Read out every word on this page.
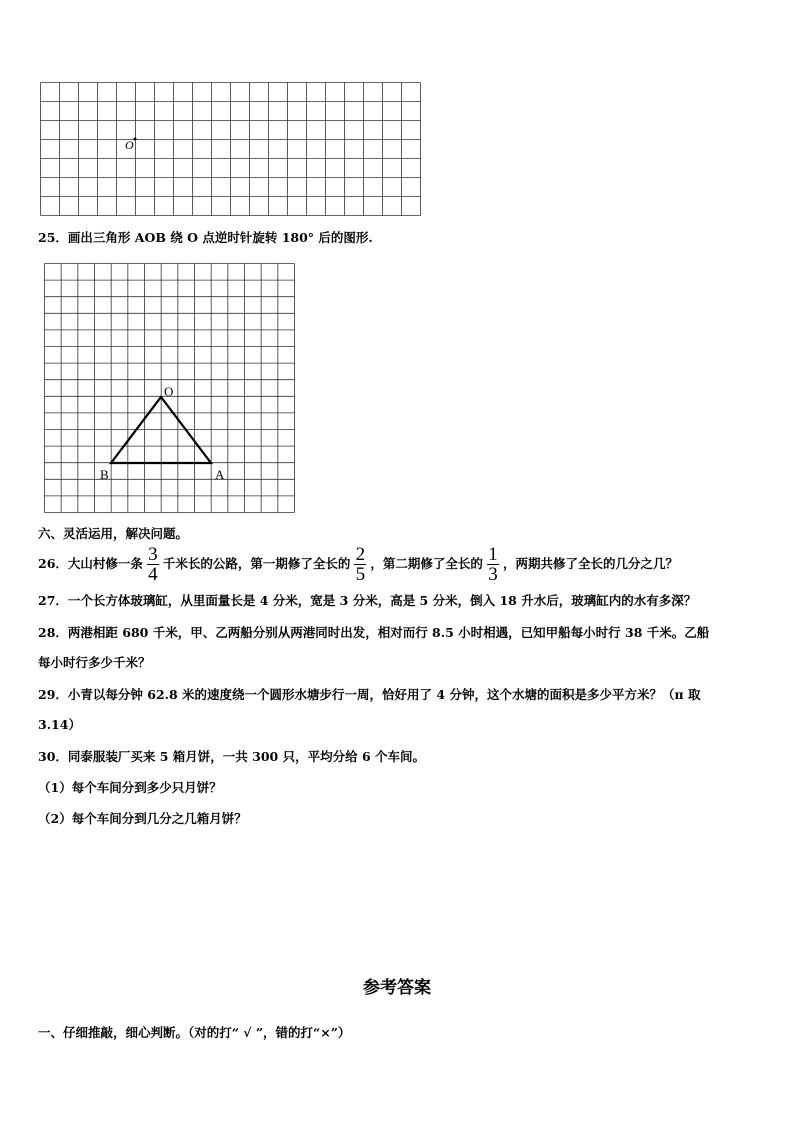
O
25．画出三角形 AOB 绕 O 点逆时针旋转 180° 后的图形.
O
B	A
六、灵活运用，解决问题。
26．大山村修一条 $\frac{3}{4}$ 千米长的公路，第一期修了全长的 $\frac{2}{5}$ ，第二期修了全长的 $\frac{1}{3}$ ，两期共修了全长的几分之几？
27．一个长方体玻璃缸，从里面量长是 4 分米，宽是 3 分米，高是 5 分米，倒入 18 升水后，玻璃缸内的水有多深？
28．两港相距 680 千米，甲、乙两船分别从两港同时出发，相对而行 8.5 小时相遇，已知甲船每小时行 38 千米。乙船
每小时行多少千米？
29．小青以每分钟 62.8 米的速度绕一个圆形水塘步行一周，恰好用了 4 分钟，这个水塘的面积是多少平方米？（π 取
3.14）
30．同泰服装厂买来 5 箱月饼，一共 300 只，平均分给 6 个车间。
（1）每个车间分到多少只月饼？
（2）每个车间分到几分之几箱月饼？
参考答案
一、仔细推敲，细心判断。（对的打“ √ ”，错的打“×”）
